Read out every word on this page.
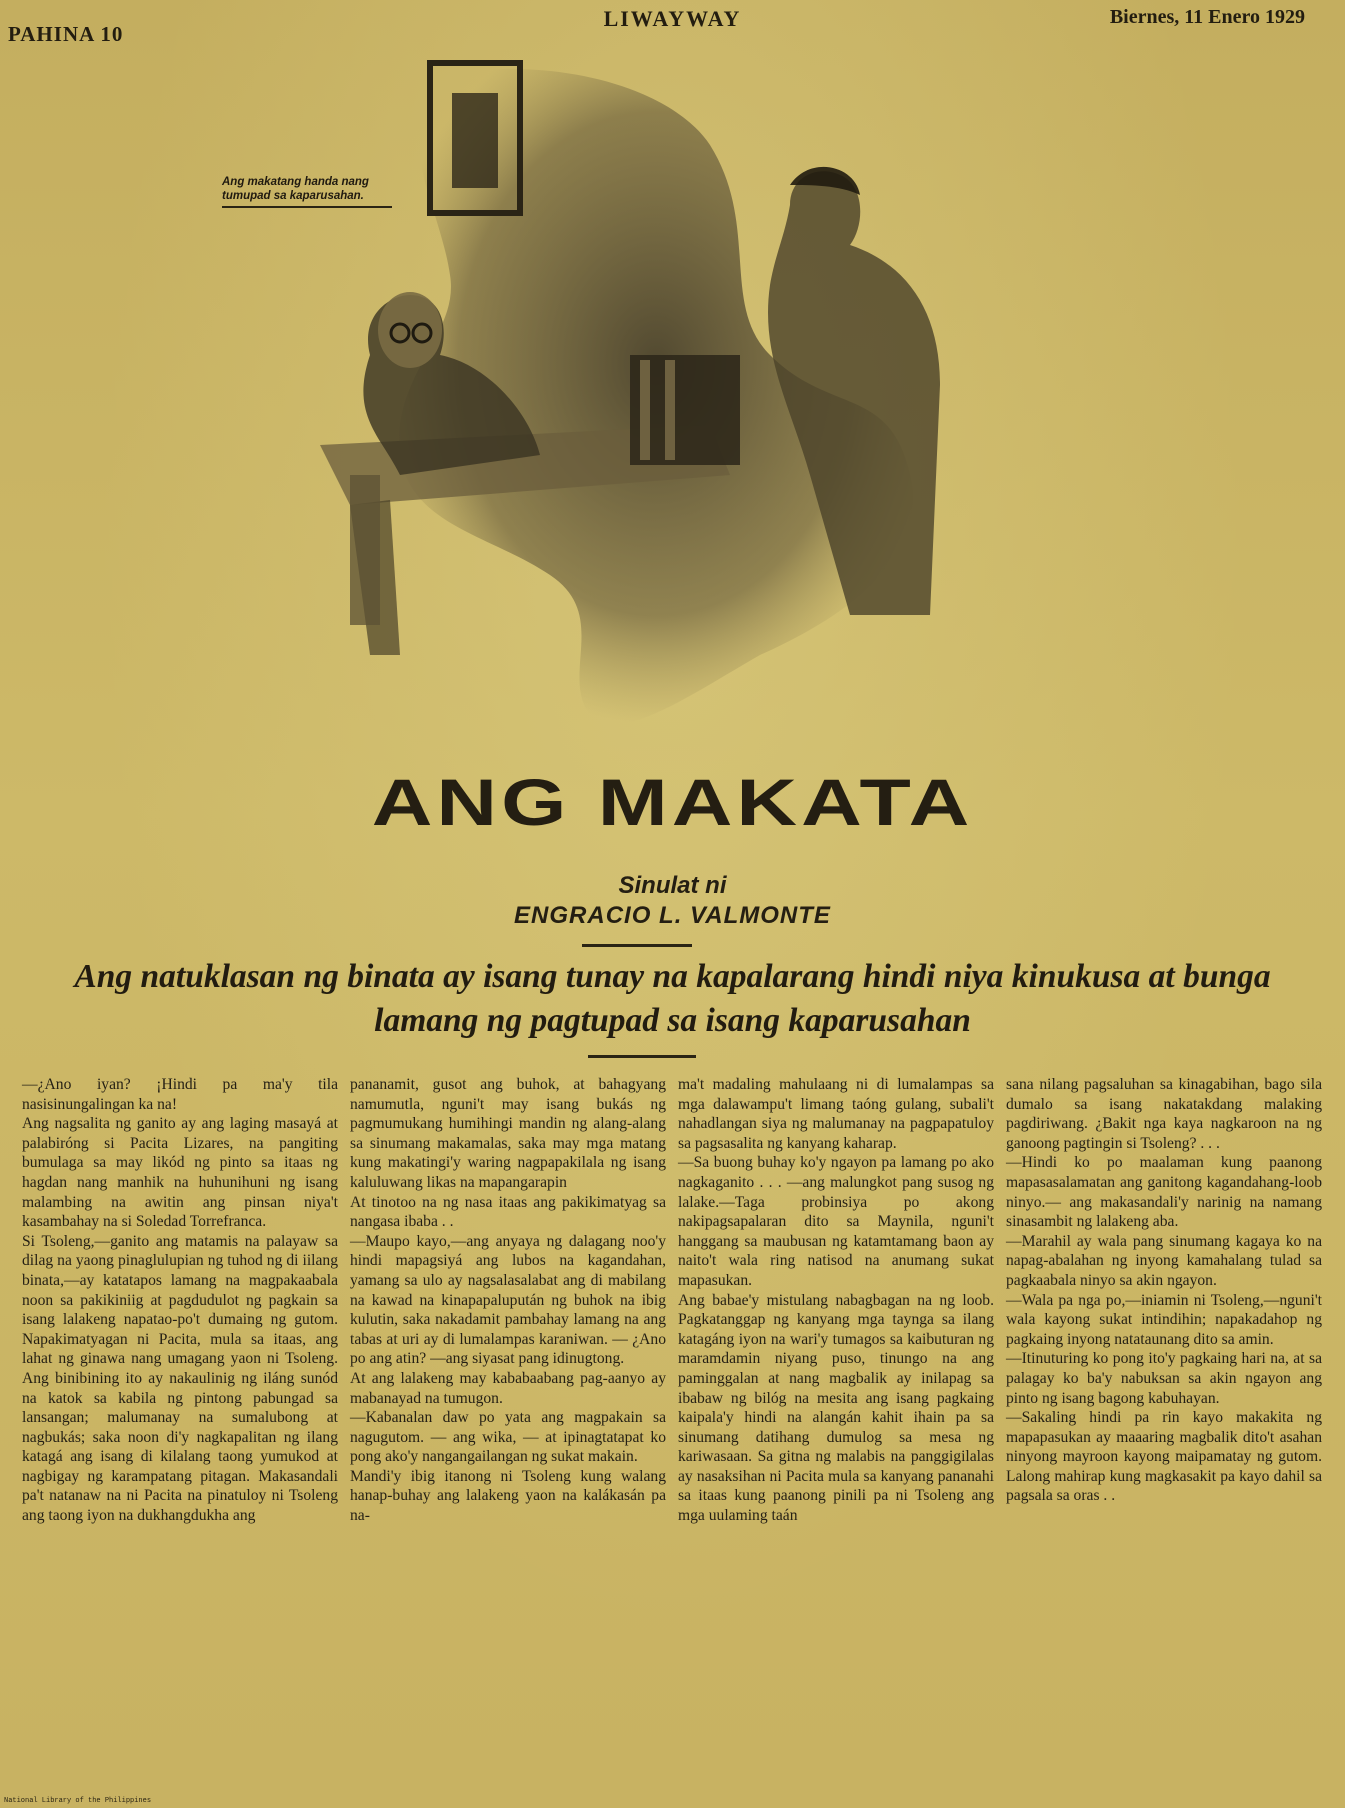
PAHINA 10
LIWAYWAY	Biernes, 11 Enero 1929
Ang makatang handa nang tumupad sa kaparusahan.
ANG MAKATA
Sinulat ni
ENGRACIO L. VALMONTE
Ang natuklasan ng binata ay isang tunay na kapalarang hindi niya kinukusa at bunga lamang ng pagtupad sa isang kaparusahan

—¿Ano iyan? ¡Hindi pa ma'y tila nasisinungalingan ka na!

Ang nagsalita ng ganito ay ang laging masayá at palabiróng si Pacita Lizares, na pangiting bumulaga sa may likód ng pinto sa itaas ng hagdan nang manhik na huhunihuni ng isang malambing na awitin ang pinsan niya't kasambahay na si Soledad Torrefranca.

Si Tsoleng,—ganito ang matamis na palayaw sa dilag na yaong pinaglulupian ng tuhod ng di iilang binata,—ay katatapos lamang na magpakaabala noon sa pakikiniig at pagdudulot ng pagkain sa isang lalakeng napatao-po't dumaing ng gutom. Napakimatyagan ni Pacita, mula sa itaas, ang lahat ng ginawa nang umagang yaon ni Tsoleng. Ang binibining ito ay nakaulinig ng iláng sunód na katok sa kabila ng pintong pabungad sa lansangan; malumanay na sumalubong at nagbukás; saka noon di'y nagkapalitan ng ilang katagá ang isang di kilalang taong yumukod at nagbigay ng karampatang pitagan. Makasandali pa't natanaw na ni Pacita na pinatuloy ni Tsoleng ang taong iyon na dukhangdukha ang

pananamit, gusot ang buhok, at bahagyang namumutla, nguni't may isang bukás ng pagmumukang humihingi mandin ng alang-alang sa sinumang makamalas, saka may mga matang kung makatingi'y waring nagpapakilala ng isang kaluluwang likas na mapangarapin

At tinotoo na ng nasa itaas ang pakikimatyag sa nangasa ibaba . .

—Maupo kayo,—ang anyaya ng dalagang noo'y hindi mapagsiyá ang lubos na kagandahan, yamang sa ulo ay nagsalasalabat ang di mabilang na kawad na kinapapalupután ng buhok na ibig kulutin, saka nakadamit pambahay lamang na ang tabas at uri ay di lumalampas karaniwan. — ¿Ano po ang atin? —ang siyasat pang idinugtong.

At ang lalakeng may kababaabang pag-aanyo ay mabanayad na tumugon.

—Kabanalan daw po yata ang magpakain sa nagugutom. — ang wika, — at ipinagtatapat ko pong ako'y nangangailangan ng sukat makain.

Mandi'y ibig itanong ni Tsoleng kung walang hanap-buhay ang lalakeng yaon na kalákasán pa na-

ma't madaling mahulaang ni di lumalampas sa mga dalawampu't limang taóng gulang, subali't nahadlangan siya ng malumanay na pagpapatuloy sa pagsasalita ng kanyang kaharap.

—Sa buong buhay ko'y ngayon pa lamang po ako nagkaganito . . . —ang malungkot pang susog ng lalake.—Taga probinsiya po akong nakipagsapalaran dito sa Maynila, nguni't hanggang sa maubusan ng katamtamang baon ay naito't wala ring natisod na anumang sukat mapasukan.

Ang babae'y mistulang nabagbagan na ng loob. Pagkatanggap ng kanyang mga taynga sa ilang katagáng iyon na wari'y tumagos sa kaibuturan ng maramdamin niyang puso, tinungo na ang paminggalan at nang magbalik ay inilapag sa ibabaw ng bilóg na mesita ang isang pagkaing kaipala'y hindi na alangán kahit ihain pa sa sinumang datihang dumulog sa mesa ng kariwasaan. Sa gitna ng malabis na panggigilalas ay nasaksihan ni Pacita mula sa kanyang pananahi sa itaas kung paanong pinili pa ni Tsoleng ang mga uulaming taán

sana nilang pagsaluhan sa kinagabihan, bago sila dumalo sa isang nakatakdang malaking pagdiriwang. ¿Bakit nga kaya nagkaroon na ng ganoong pagtingin si Tsoleng? . . .

—Hindi ko po maalaman kung paanong mapasasalamatan ang ganitong kagandahang-loob ninyo.— ang makasandali'y narinig na namang sinasambit ng lalakeng aba.

—Marahil ay wala pang sinumang kagaya ko na napag-abalahan ng inyong kamahalang tulad sa pagkaabala ninyo sa akin ngayon.

—Wala pa nga po,—iniamin ni Tsoleng,—nguni't wala kayong sukat intindihin; napakadahop ng pagkaing inyong natataunang dito sa amin.

—Itinuturing ko pong ito'y pagkaing hari na, at sa palagay ko ba'y nabuksan sa akin ngayon ang pinto ng isang bagong kabuhayan.

—Sakaling hindi pa rin kayo makakita ng mapapasukan ay maaaring magbalik dito't asahan ninyong mayroon kayong maipamatay ng gutom. Lalong mahirap kung magkasakit pa kayo dahil sa pagsala sa oras . .

National Library of the Philippines
